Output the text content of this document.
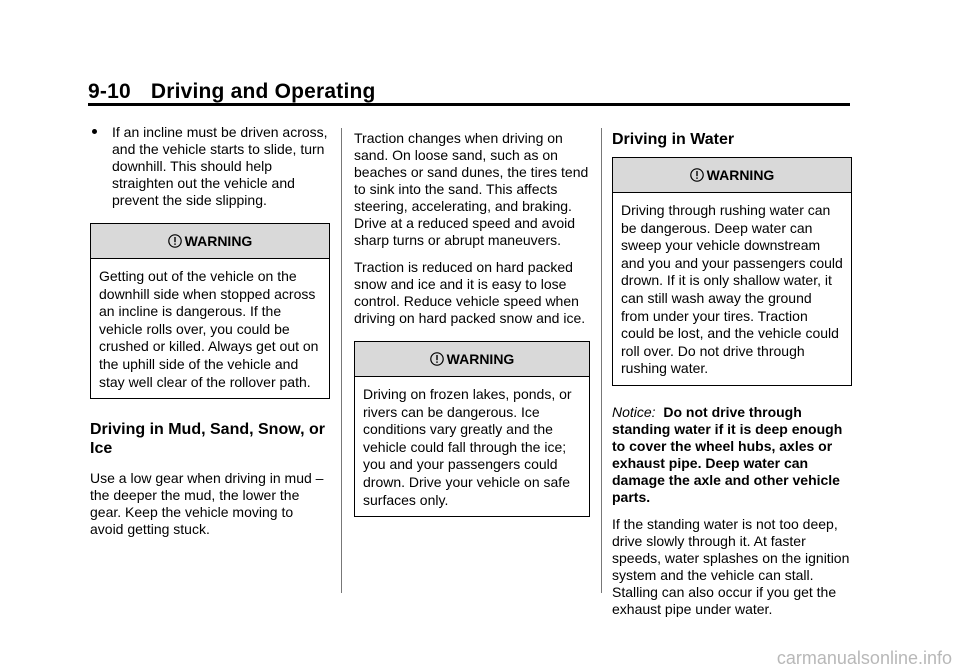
9-10 Driving and Operating

If an incline must be driven across, and the vehicle starts to slide, turn downhill. This should help straighten out the vehicle and prevent the side slipping.

WARNING
Getting out of the vehicle on the downhill side when stopped across an incline is dangerous. If the vehicle rolls over, you could be crushed or killed. Always get out on the uphill side of the vehicle and stay well clear of the rollover path.
Driving in Mud, Sand, Snow, or Ice

Use a low gear when driving in mud – the deeper the mud, the lower the gear. Keep the vehicle moving to avoid getting stuck.

Traction changes when driving on sand. On loose sand, such as on beaches or sand dunes, the tires tend to sink into the sand. This affects steering, accelerating, and braking. Drive at a reduced speed and avoid sharp turns or abrupt maneuvers.

Traction is reduced on hard packed snow and ice and it is easy to lose control. Reduce vehicle speed when driving on hard packed snow and ice.

WARNING
Driving on frozen lakes, ponds, or rivers can be dangerous. Ice conditions vary greatly and the vehicle could fall through the ice; you and your passengers could drown. Drive your vehicle on safe surfaces only.
Driving in Water
WARNING
Driving through rushing water can be dangerous. Deep water can sweep your vehicle downstream and you and your passengers could drown. If it is only shallow water, it can still wash away the ground from under your tires. Traction could be lost, and the vehicle could roll over. Do not drive through rushing water.

Notice: Do not drive through standing water if it is deep enough to cover the wheel hubs, axles or exhaust pipe. Deep water can damage the axle and other vehicle parts.

If the standing water is not too deep, drive slowly through it. At faster speeds, water splashes on the ignition system and the vehicle can stall. Stalling can also occur if you get the exhaust pipe under water.

carmanualsonline.info
